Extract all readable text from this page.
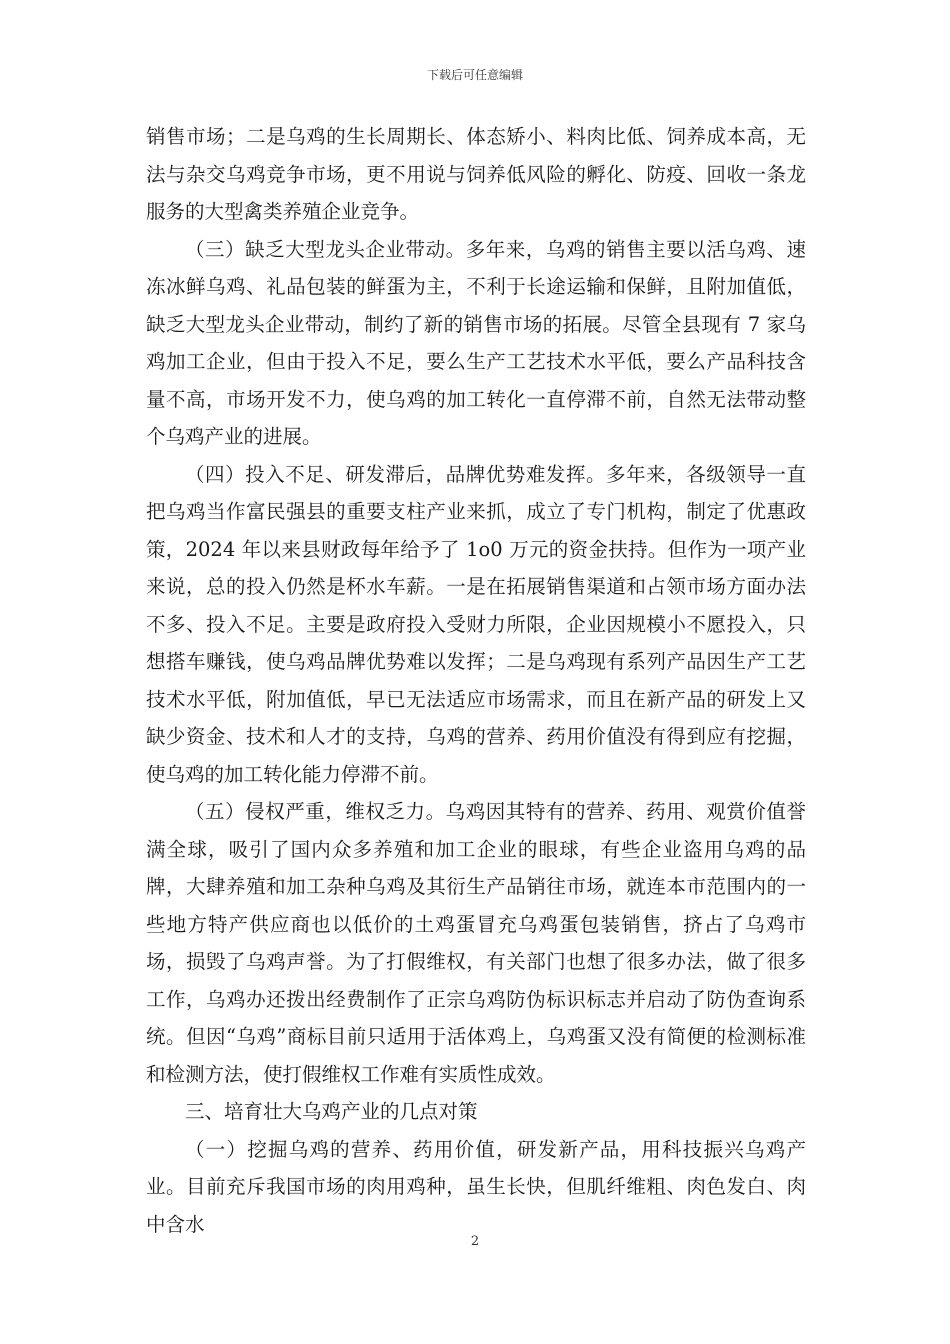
下载后可任意编辑

销售市场；二是乌鸡的生长周期长、体态矫小、料肉比低、饲养成本高，无法与杂交乌鸡竞争市场，更不用说与饲养低风险的孵化、防疫、回收一条龙服务的大型禽类养殖企业竞争。

（三）缺乏大型龙头企业带动。多年来，乌鸡的销售主要以活乌鸡、速冻冰鲜乌鸡、礼品包装的鲜蛋为主，不利于长途运输和保鲜，且附加值低，缺乏大型龙头企业带动，制约了新的销售市场的拓展。尽管全县现有 7 家乌鸡加工企业，但由于投入不足，要么生产工艺技术水平低，要么产品科技含量不高，市场开发不力，使乌鸡的加工转化一直停滞不前，自然无法带动整个乌鸡产业的进展。

（四）投入不足、研发滞后，品牌优势难发挥。多年来，各级领导一直把乌鸡当作富民强县的重要支柱产业来抓，成立了专门机构，制定了优惠政策，2024 年以来县财政每年给予了 1o0 万元的资金扶持。但作为一项产业来说，总的投入仍然是杯水车薪。一是在拓展销售渠道和占领市场方面办法不多、投入不足。主要是政府投入受财力所限，企业因规模小不愿投入，只想搭车赚钱，使乌鸡品牌优势难以发挥；二是乌鸡现有系列产品因生产工艺技术水平低，附加值低，早已无法适应市场需求，而且在新产品的研发上又缺少资金、技术和人才的支持，乌鸡的营养、药用价值没有得到应有挖掘，使乌鸡的加工转化能力停滞不前。

（五）侵权严重，维权乏力。乌鸡因其特有的营养、药用、观赏价值誉满全球，吸引了国内众多养殖和加工企业的眼球，有些企业盗用乌鸡的品牌，大肆养殖和加工杂种乌鸡及其衍生产品销往市场，就连本市范围内的一些地方特产供应商也以低价的土鸡蛋冒充乌鸡蛋包装销售，挤占了乌鸡市场，损毁了乌鸡声誉。为了打假维权，有关部门也想了很多办法，做了很多工作，乌鸡办还拨出经费制作了正宗乌鸡防伪标识标志并启动了防伪查询系统。但因“乌鸡”商标目前只适用于活体鸡上，乌鸡蛋又没有简便的检测标准和检测方法，使打假维权工作难有实质性成效。

三、培育壮大乌鸡产业的几点对策

（一）挖掘乌鸡的营养、药用价值，研发新产品，用科技振兴乌鸡产业。目前充斥我国市场的肉用鸡种，虽生长快，但肌纤维粗、肉色发白、肉中含水

2
